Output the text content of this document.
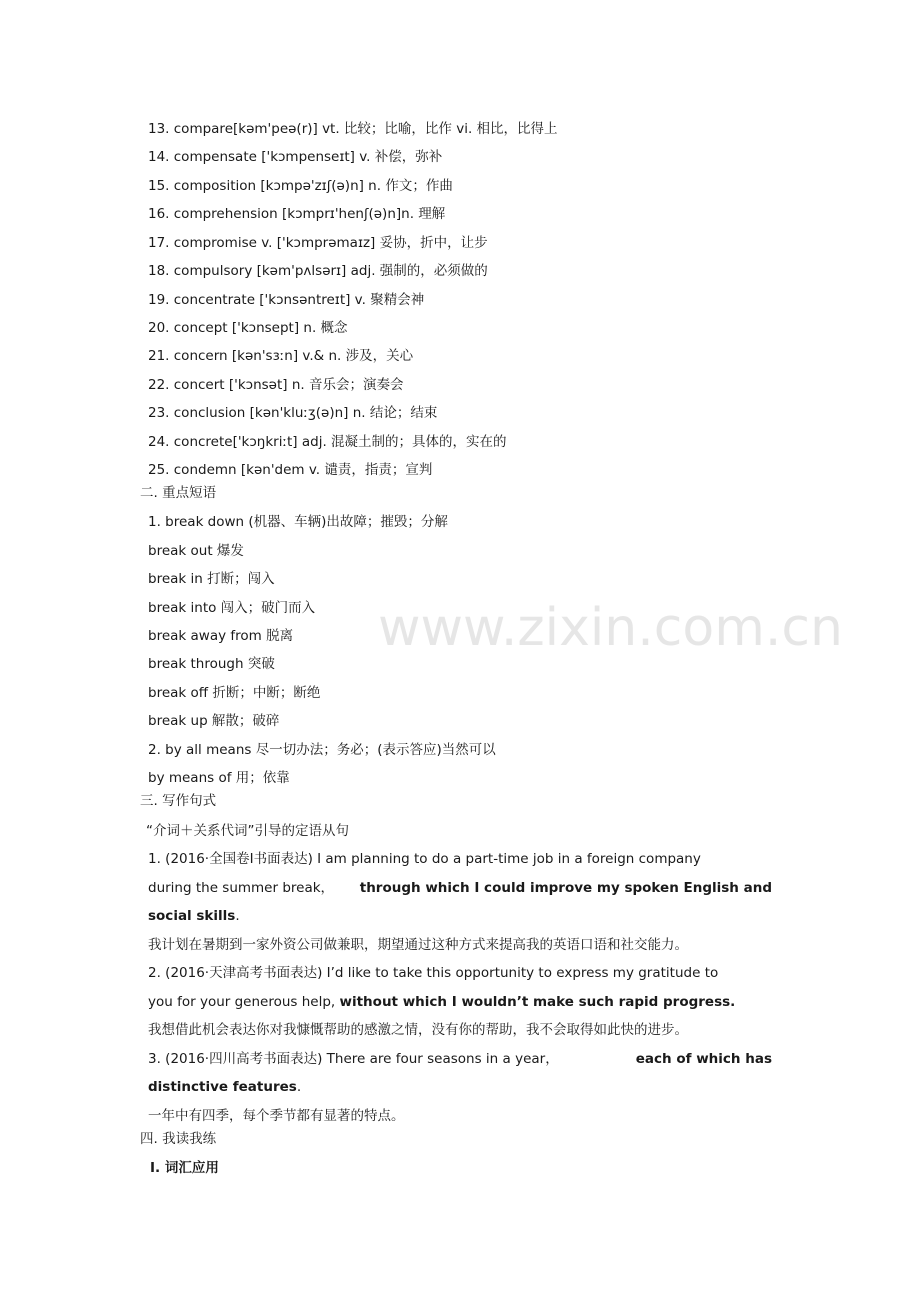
13. compare[kəm'peə(r)] vt. 比较；比喻，比作 vi. 相比，比得上
14. compensate ['kɔmpenseɪt] v. 补偿，弥补
15. composition [kɔmpə'zɪʃ(ə)n] n. 作文；作曲
16. comprehension [kɔmprɪ'henʃ(ə)n]n. 理解
17. compromise v. ['kɔmprəmaɪz] 妥协，折中，让步
18. compulsory [kəm'pʌlsərɪ] adj. 强制的，必须做的
19. concentrate ['kɔnsəntreɪt] v. 聚精会神
20. concept ['kɔnsept] n. 概念
21. concern [kən'sɜːn] v.& n. 涉及，关心
22. concert ['kɔnsət] n. 音乐会；演奏会
23. conclusion [kən'kluːʒ(ə)n] n. 结论；结束
24. concrete['kɔŋkriːt] adj. 混凝土制的；具体的，实在的
25. condemn [kən'dem v. 谴责，指责；宣判
二. 重点短语
1. break down (机器、车辆)出故障；摧毁；分解
break out 爆发
break in 打断；闯入
break into 闯入；破门而入
break away from 脱离
break through 突破
break off 折断；中断；断绝
break up 解散；破碎
2. by all means 尽一切办法；务必；(表示答应)当然可以
by means of 用；依靠
三. 写作句式
“介词＋关系代词”引导的定语从句
1. (2016·全国卷Ⅰ书面表达) I am planning to do a part-time job in a foreign company
during the summer break， through which I could improve my spoken English and
social skills.
我计划在暑期到一家外资公司做兼职，期望通过这种方式来提高我的英语口语和社交能力。
2. (2016·天津高考书面表达) I’d like to take this opportunity to express my gratitude to
you for your generous help, without which I wouldn’t make such rapid progress.
我想借此机会表达你对我慷慨帮助的感激之情，没有你的帮助，我不会取得如此快的进步。
3. (2016·四川高考书面表达) There are four seasons in a year，	each of which has
distinctive features.
一年中有四季，每个季节都有显著的特点。
四. 我读我练
Ⅰ. 词汇应用
www.zixin.com.cn
